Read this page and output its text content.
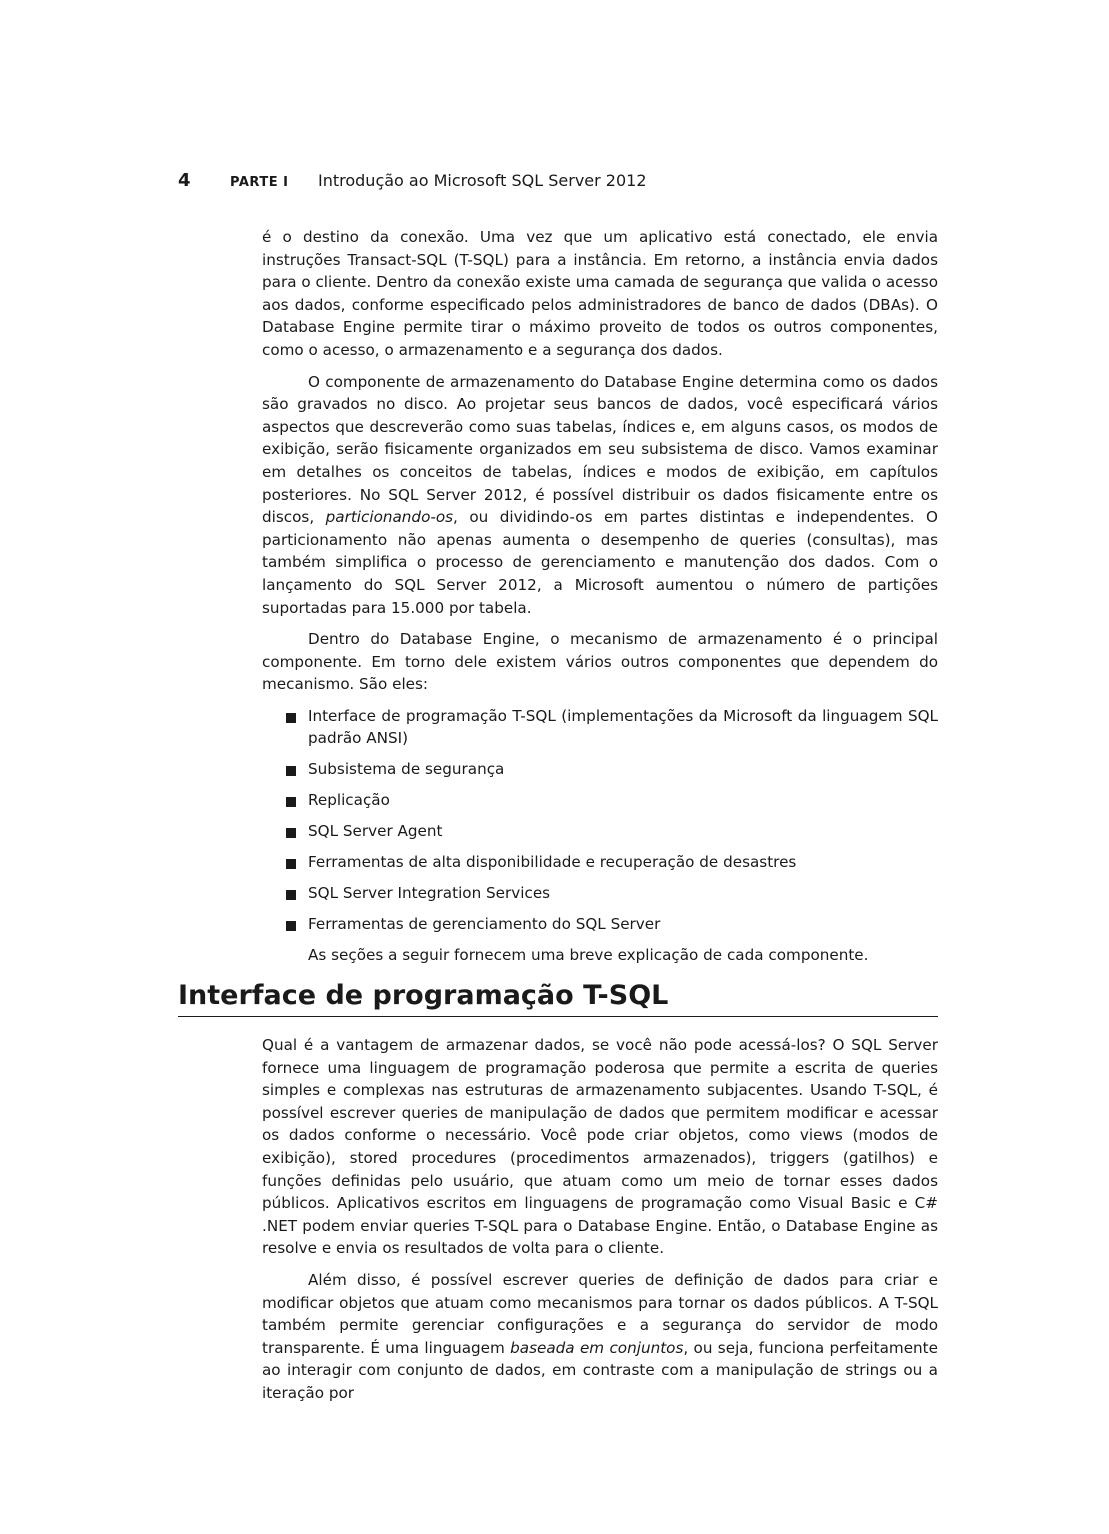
4	PARTE I	Introdução ao Microsoft SQL Server 2012

é o destino da conexão. Uma vez que um aplicativo está conectado, ele envia instruções Transact-SQL (T-SQL) para a instância. Em retorno, a instância envia dados para o cliente. Dentro da conexão existe uma camada de segurança que valida o acesso aos dados, conforme especificado pelos administradores de banco de dados (DBAs). O Database Engine permite tirar o máximo proveito de todos os outros componentes, como o acesso, o armazenamento e a segurança dos dados.

O componente de armazenamento do Database Engine determina como os dados são gravados no disco. Ao projetar seus bancos de dados, você especificará vários aspectos que descreverão como suas tabelas, índices e, em alguns casos, os modos de exibição, serão fisicamente organizados em seu subsistema de disco. Vamos examinar em detalhes os conceitos de tabelas, índices e modos de exibição, em capítulos posteriores. No SQL Server 2012, é possível distribuir os dados fisicamente entre os discos, particionando-os, ou dividindo-os em partes distintas e independentes. O particionamento não apenas aumenta o desempenho de queries (consultas), mas também simplifica o processo de gerenciamento e manutenção dos dados. Com o lançamento do SQL Server 2012, a Microsoft aumentou o número de partições suportadas para 15.000 por tabela.

Dentro do Database Engine, o mecanismo de armazenamento é o principal componente. Em torno dele existem vários outros componentes que dependem do mecanismo. São eles:

Interface de programação T-SQL (implementações da Microsoft da linguagem SQL padrão ANSI)
Subsistema de segurança
Replicação
SQL Server Agent
Ferramentas de alta disponibilidade e recuperação de desastres
SQL Server Integration Services
Ferramentas de gerenciamento do SQL Server

As seções a seguir fornecem uma breve explicação de cada componente.

Interface de programação T-SQL

Qual é a vantagem de armazenar dados, se você não pode acessá-los? O SQL Server fornece uma linguagem de programação poderosa que permite a escrita de queries simples e complexas nas estruturas de armazenamento subjacentes. Usando T-SQL, é possível escrever queries de manipulação de dados que permitem modificar e acessar os dados conforme o necessário. Você pode criar objetos, como views (modos de exibição), stored procedures (procedimentos armazenados), triggers (gatilhos) e funções definidas pelo usuário, que atuam como um meio de tornar esses dados públicos. Aplicativos escritos em linguagens de programação como Visual Basic e C# .NET podem enviar queries T-SQL para o Database Engine. Então, o Database Engine as resolve e envia os resultados de volta para o cliente.

Além disso, é possível escrever queries de definição de dados para criar e modificar objetos que atuam como mecanismos para tornar os dados públicos. A T-SQL também permite gerenciar configurações e a segurança do servidor de modo transparente. É uma linguagem baseada em conjuntos, ou seja, funciona perfeitamente ao interagir com conjunto de dados, em contraste com a manipulação de strings ou a iteração por
